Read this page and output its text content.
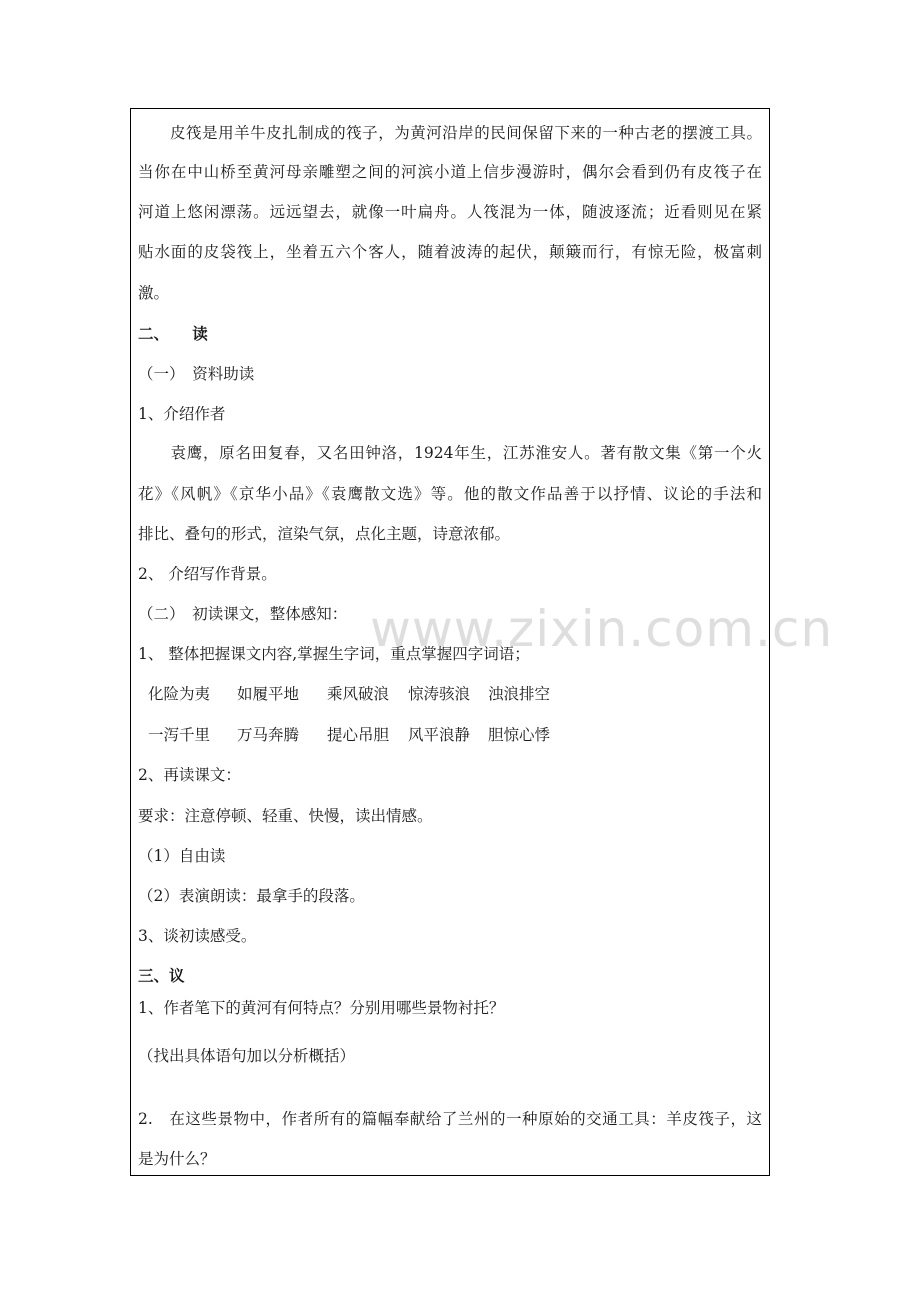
www.zixin.com.cn
　　皮筏是用羊牛皮扎制成的筏子，为黄河沿岸的民间保留下来的一种古老的摆渡工具。
当你在中山桥至黄河母亲雕塑之间的河滨小道上信步漫游时，偶尔会看到仍有皮筏子在
河道上悠闲漂荡。远远望去，就像一叶扁舟。人筏混为一体，随波逐流；近看则见在紧
贴水面的皮袋筏上，坐着五六个客人，随着波涛的起伏，颠簸而行，有惊无险，极富刺
激。
二、　　读
（一）　资料助读
1、介绍作者
　　袁鹰，原名田复春，又名田钟洛，1924年生，江苏淮安人。著有散文集《第一个火
花》《风帆》《京华小品》《袁鹰散文选》等。他的散文作品善于以抒情、议论的手法和
排比、叠句的形式，渲染气氛，点化主题，诗意浓郁。
2、 介绍写作背景。
（二）　初读课文，整体感知：
1、 整体把握课文内容,掌握生字词，重点掌握四字词语；
化险为夷 如履平地 乘风破浪 惊涛骇浪 浊浪排空
一泻千里 万马奔腾 提心吊胆 风平浪静 胆惊心悸
2、再读课文：
要求：注意停顿、轻重、快慢，读出情感。
（1）自由读
（2）表演朗读：最拿手的段落。
3、谈初读感受。
三、议
1、作者笔下的黄河有何特点？分别用哪些景物衬托？
（找出具体语句加以分析概括）
2.　在这些景物中，作者所有的篇幅奉献给了兰州的一种原始的交通工具：羊皮筏子，这
是为什么？
